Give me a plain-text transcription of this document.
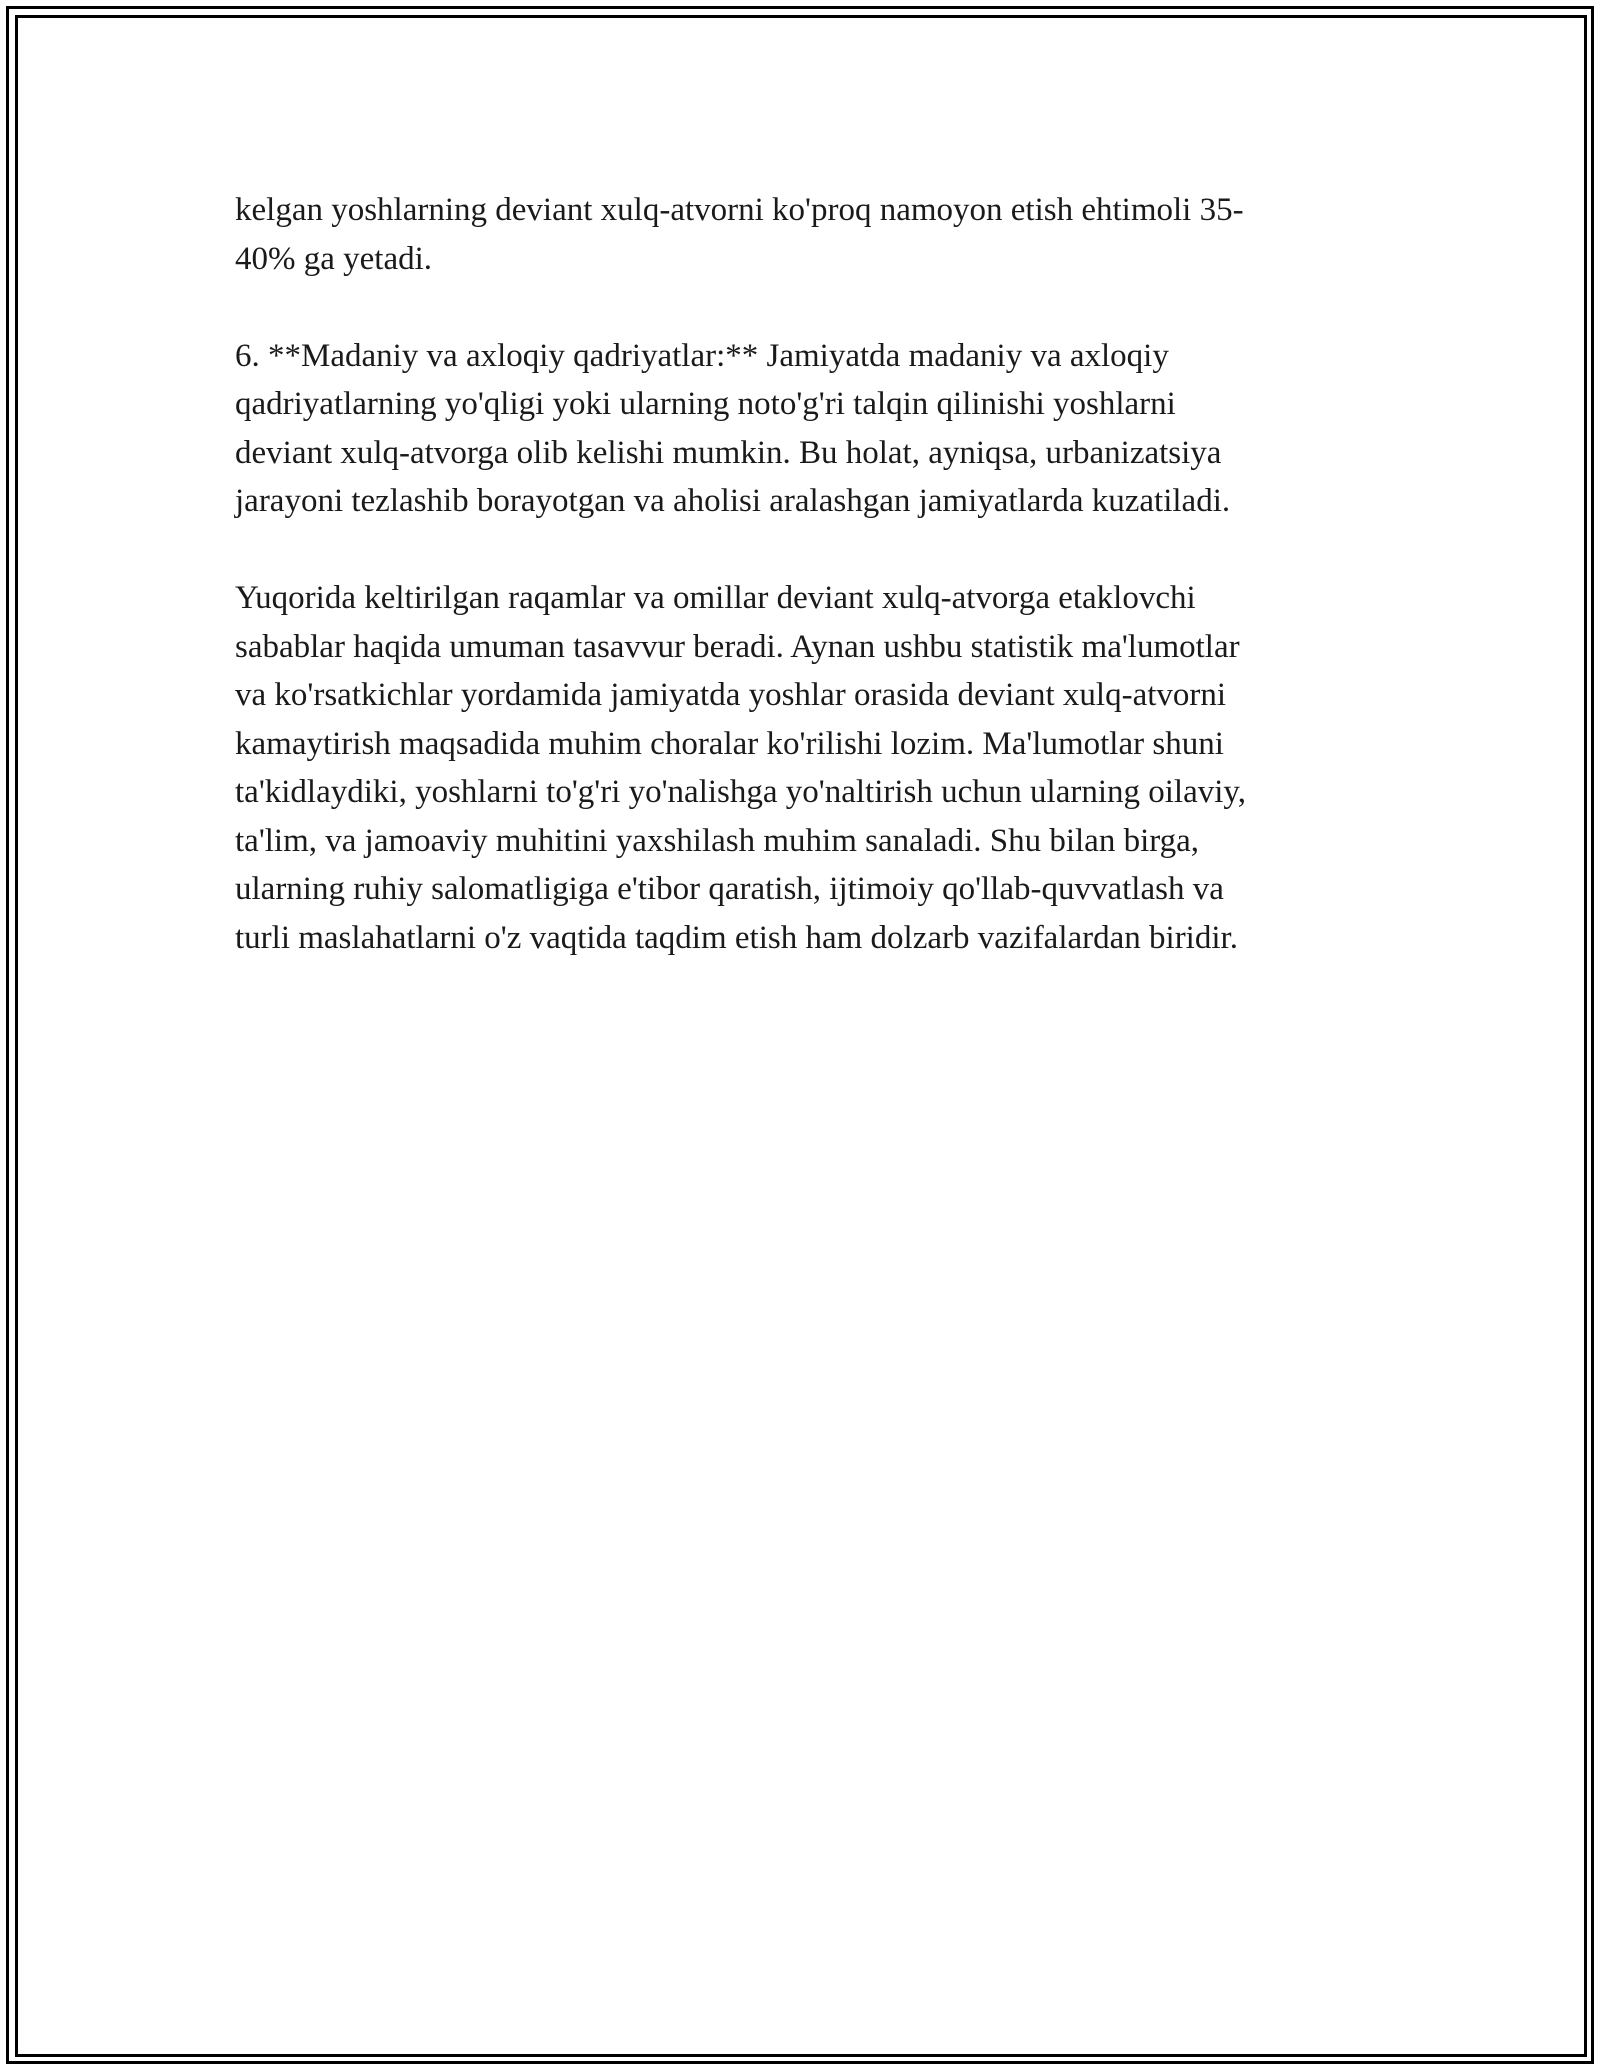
kelgan yoshlarning deviant xulq-atvorni ko'proq namoyon etish ehtimoli 35-
40% ga yetadi.

6. **Madaniy va axloqiy qadriyatlar:** Jamiyatda madaniy va axloqiy
qadriyatlarning yo'qligi yoki ularning noto'g'ri talqin qilinishi yoshlarni
deviant xulq-atvorga olib kelishi mumkin. Bu holat, ayniqsa, urbanizatsiya
jarayoni tezlashib borayotgan va aholisi aralashgan jamiyatlarda kuzatiladi.

Yuqorida keltirilgan raqamlar va omillar deviant xulq-atvorga etaklovchi
sabablar haqida umuman tasavvur beradi. Aynan ushbu statistik ma'lumotlar
va ko'rsatkichlar yordamida jamiyatda yoshlar orasida deviant xulq-atvorni
kamaytirish maqsadida muhim choralar ko'rilishi lozim. Ma'lumotlar shuni
ta'kidlaydiki, yoshlarni to'g'ri yo'nalishga yo'naltirish uchun ularning oilaviy,
ta'lim, va jamoaviy muhitini yaxshilash muhim sanaladi. Shu bilan birga,
ularning ruhiy salomatligiga e'tibor qaratish, ijtimoiy qo'llab-quvvatlash va
turli maslahatlarni o'z vaqtida taqdim etish ham dolzarb vazifalardan biridir.
